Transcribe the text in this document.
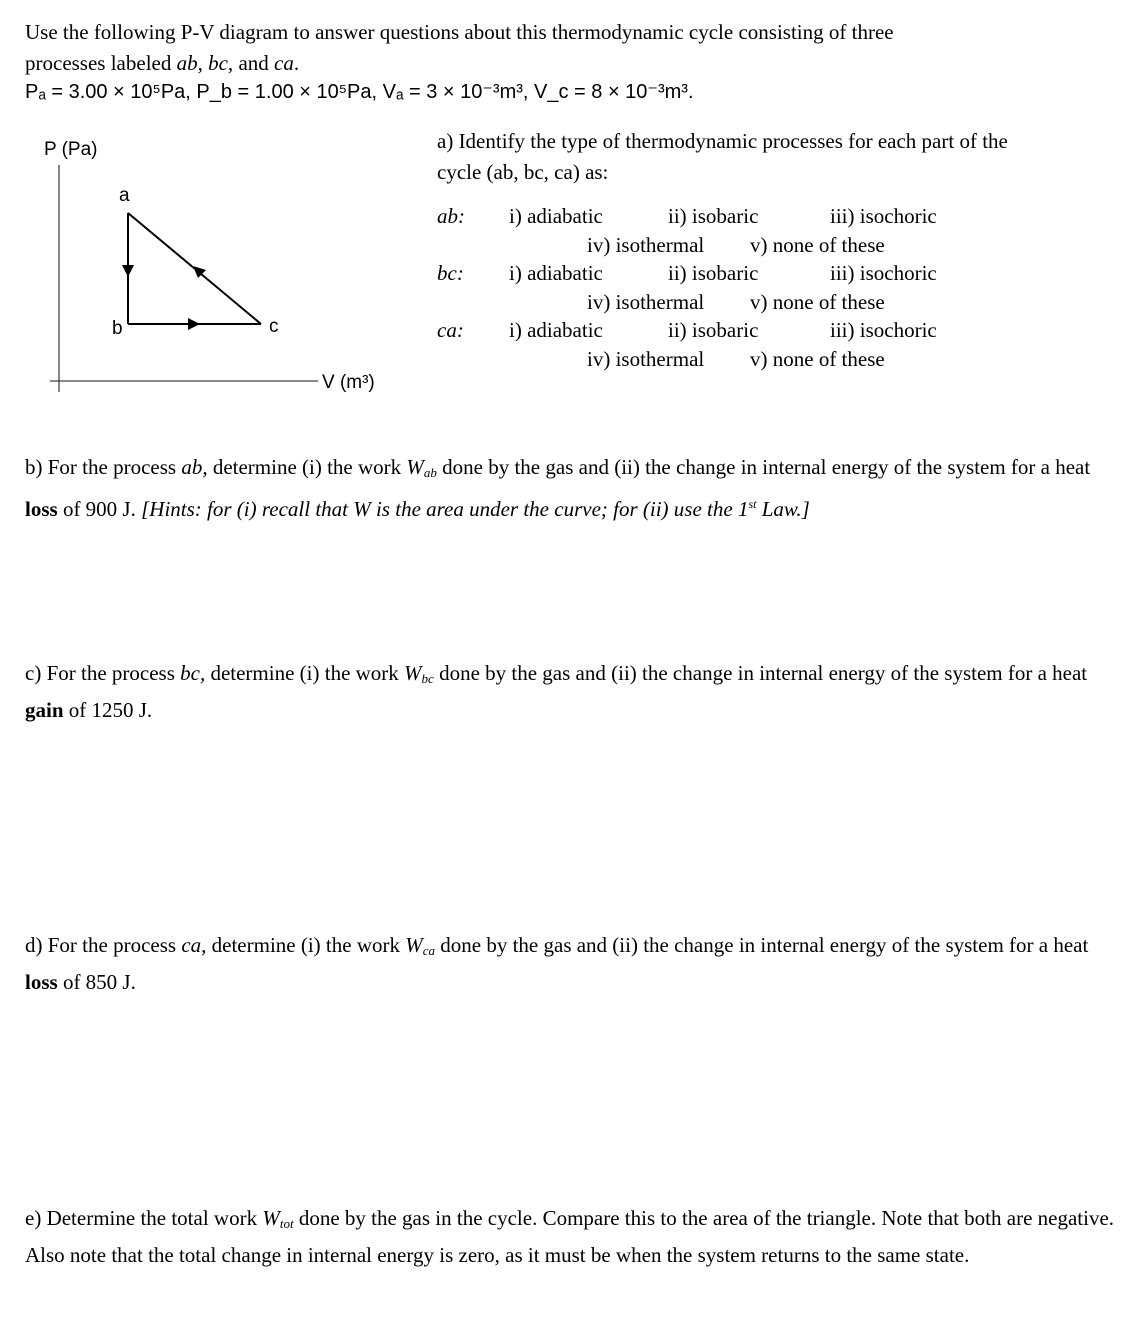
Use the following P-V diagram to answer questions about this thermodynamic cycle consisting of three
processes labeled ab, bc, and ca.
Pₐ = 3.00 × 10⁵Pa, P_b = 1.00 × 10⁵Pa, Vₐ = 3 × 10⁻³m³, V_c = 8 × 10⁻³m³.
P (Pa)
V (m³)
a
b	c
a) Identify the type of thermodynamic processes for each part of the
cycle (ab, bc, ca) as:
ab: i) adiabatic	ii) isobaric	iii) isochoric
iv) isothermal v) none of these
bc: i) adiabatic	ii) isobaric	iii) isochoric
iv) isothermal v) none of these
ca: i) adiabatic	ii) isobaric	iii) isochoric
iv) isothermal v) none of these
b) For the process ab, determine (i) the work $W_{ab}$ done by the gas and (ii) the change in internal energy of the system for a heat loss of 900 J. [Hints: for (i) recall that W is the area under the curve; for (ii) use the 1st Law.]
c) For the process bc, determine (i) the work $W_{bc}$ done by the gas and (ii) the change in internal energy of the system for a heat gain of 1250 J.
d) For the process ca, determine (i) the work $W_{ca}$ done by the gas and (ii) the change in internal energy of the system for a heat loss of 850 J.
e) Determine the total work $W_{tot}$ done by the gas in the cycle. Compare this to the area of the triangle. Note that both are negative. Also note that the total change in internal energy is zero, as it must be when the system returns to the same state.
